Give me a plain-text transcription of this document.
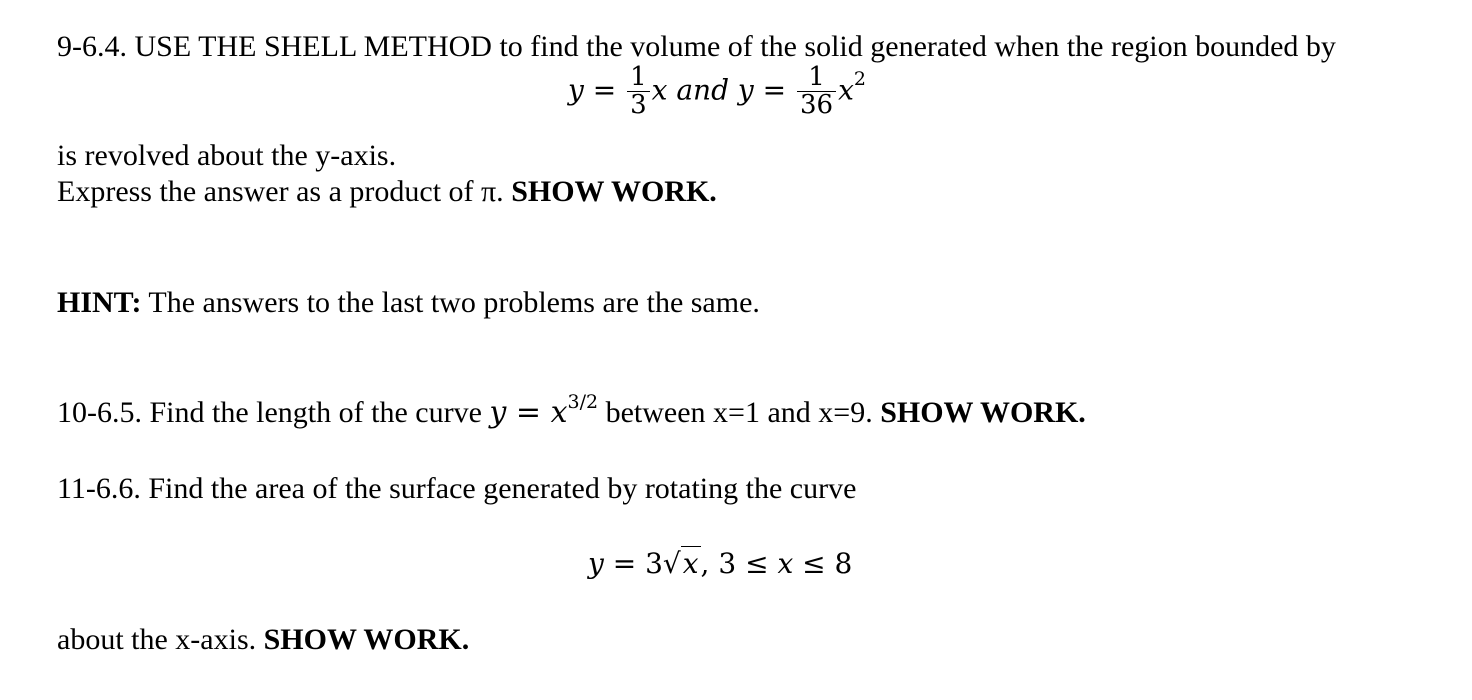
9-6.4. USE THE SHELL METHOD to find the volume of the solid generated when the region bounded by
$y = \frac{1}{3}$ x and $y = \frac{1}{36} x^2$
is revolved about the y-axis.
Express the answer as a product of π. SHOW WORK.
HINT: The answers to the last two problems are the same.
10-6.5. Find the length of the curve $y = x^{3/2}$ between x=1 and x=9. SHOW WORK.
11-6.6. Find the area of the surface generated by rotating the curve
y = 3√x, 3 ≤ x ≤ 8
about the x-axis. SHOW WORK.
